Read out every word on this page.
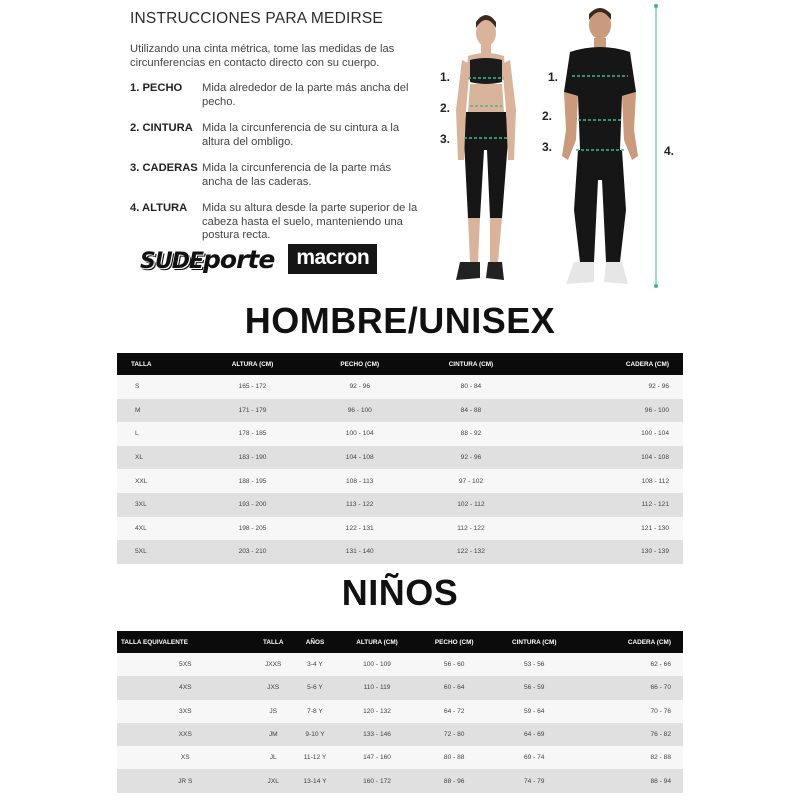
INSTRUCCIONES PARA MEDIRSE
Utilizando una cinta métrica, tome las medidas de las circunferencias en contacto directo con su cuerpo.
1. PECHO	Mida alrededor de la parte más ancha del pecho.
2. CINTURA Mida la circunferencia de su cintura a la altura del ombligo.
3. CADERAS Mida la circunferencia de la parte más ancha de las caderas.
4. ALTURA	Mida su altura desde la parte superior de la cabeza hasta el suelo, manteniendo una postura recta.
SUDE porte	macron
1.
2.
3.
1.
2.
3.	4.
HOMBRE/UNISEX
TALLA	ALTURA (CM)	PECHO (CM)	CINTURA (CM)	CADERA (CM)
S	165 - 172	92 - 96	80 - 84	92 - 96
M	171 - 179	96 - 100	84 - 88	96 - 100
L	178 - 185	100 - 104	88 - 92	100 - 104
XL	183 - 190	104 - 108	92 - 96	104 - 108
XXL	188 - 195	108 - 113	97 - 102	108 - 112
3XL	193 - 200	113 - 122	102 - 112	112 - 121
4XL	198 - 205	122 - 131	112 - 122	121 - 130
5XL	203 - 210	131 - 140	122 - 132	130 - 139
NIÑOS
TALLA EQUIVALENTE	TALLA	AÑOS	ALTURA (CM)	PECHO (CM)	CINTURA (CM)	CADERA (CM)
5XS	JXXS	3-4 Y	100 - 109	56 - 60	53 - 56	62 - 66
4XS	JXS	5-6 Y	110 - 119	60 - 64	56 - 59	66 - 70
3XS	JS	7-8 Y	120 - 132	64 - 72	59 - 64	70 - 76
XXS	JM	9-10 Y	133 - 146	72 - 80	64 - 69	76 - 82
XS	JL	11-12 Y	147 - 160	80 - 88	69 - 74	82 - 88
JR S	JXL	13-14 Y	160 - 172	88 - 96	74 - 79	88 - 94
